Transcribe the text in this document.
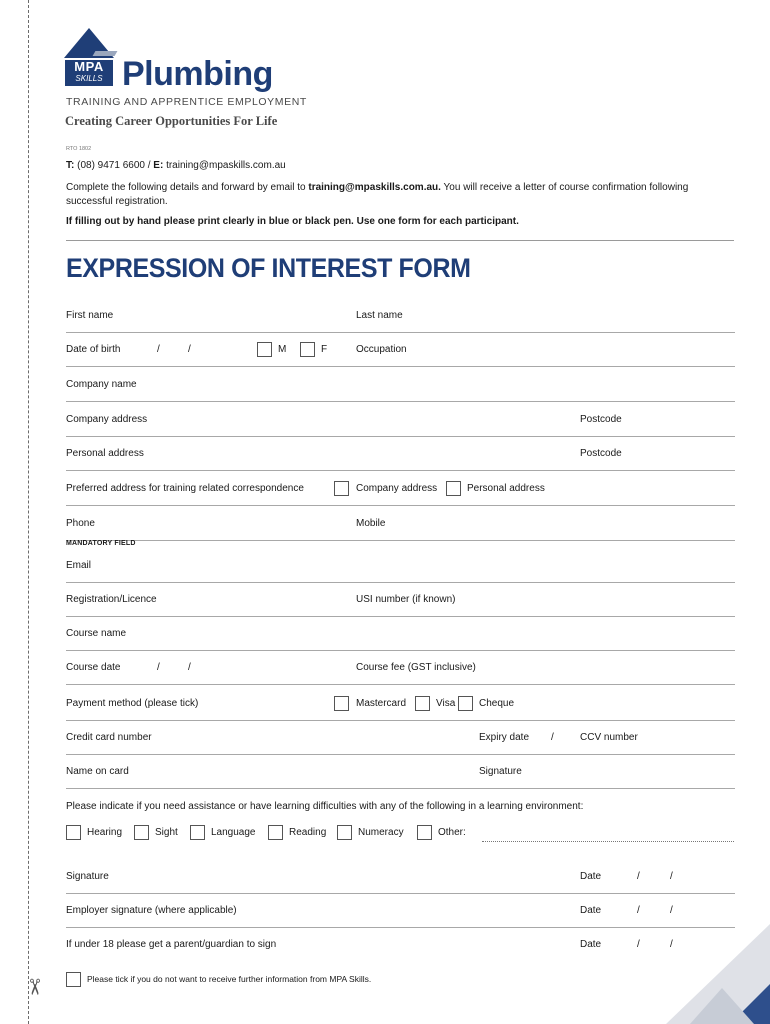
✂
MPA
SKILLS Plumbing
TRAINING AND APPRENTICE EMPLOYMENT
Creating Career Opportunities For Life
RTO 1802
T: (08) 9471 6600 / E: training@mpaskills.com.au
Complete the following details and forward by email to training@mpaskills.com.au. You will receive a letter of course confirmation following successful registration.
If filling out by hand please print clearly in blue or black pen. Use one form for each participant.
EXPRESSION OF INTEREST FORM
First name	Last name
Date of birth	/	/	M	F	Occupation
Company name
Company address	Postcode
Personal address	Postcode
Preferred address for training related correspondence	Company address	Personal address
Phone	Mobile
MANDATORY FIELD
Email
Registration/Licence	USI number (if known)
Course name
Course date	/	/	Course fee (GST inclusive)
Payment method (please tick)	Mastercard	Visa Cheque
Credit card number	Expiry date /	CCV number
Name on card	Signature
Please indicate if you need assistance or have learning difficulties with any of the following in a learning environment:
Hearing	Sight	Language	Reading	Numeracy	Other:
Signature	Date	/	/
Employer signature (where applicable)	Date	/	/
If under 18 please get a parent/guardian to sign	Date	/	/
Please tick if you do not want to receive further information from MPA Skills.
